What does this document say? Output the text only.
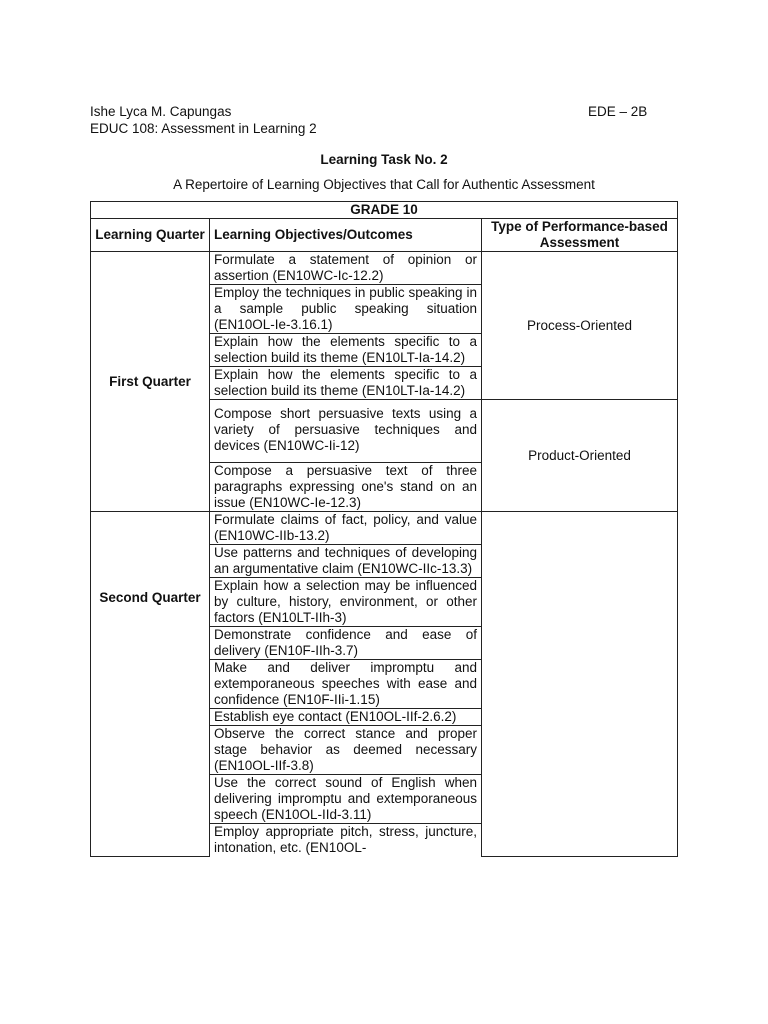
Ishe Lyca M. Capungas	EDE – 2B
EDUC 108: Assessment in Learning 2
Learning Task No. 2
A Repertoire of Learning Objectives that Call for Authentic Assessment
GRADE 10		
Learning Quarter	Learning Objectives/Outcomes	Type of Performance-based Assessment
First Quarter	Formulate a statement of opinion or assertion (EN10WC-Ic-12.2)	Process-Oriented
	Employ the techniques in public speaking in a sample public speaking situation (EN10OL-Ie-3.16.1)	
	Explain how the elements specific to a selection build its theme (EN10LT-Ia-14.2)	
	Explain how the elements specific to a selection build its theme (EN10LT-Ia-14.2)	
	Compose short persuasive texts using a variety of persuasive techniques and devices (EN10WC-Ii-12)	Product-Oriented
	Compose a persuasive text of three paragraphs expressing one's stand on an issue (EN10WC-Ie-12.3)	
Second Quarter	Formulate claims of fact, policy, and value (EN10WC-IIb-13.2)	
	Use patterns and techniques of developing an argumentative claim (EN10WC-IIc-13.3)	
	Explain how a selection may be influenced by culture, history, environment, or other factors (EN10LT-IIh-3)	
	Demonstrate confidence and ease of delivery (EN10F-IIh-3.7)	
	Make and deliver impromptu and extemporaneous speeches with ease and confidence (EN10F-IIi-1.15)	
	Establish eye contact (EN10OL-IIf-2.6.2)	
	Observe the correct stance and proper stage behavior as deemed necessary (EN10OL-IIf-3.8)	
	Use the correct sound of English when delivering impromptu and extemporaneous speech (EN10OL-IId-3.11)	
	Employ appropriate pitch, stress, juncture, intonation, etc. (EN10OL-	
